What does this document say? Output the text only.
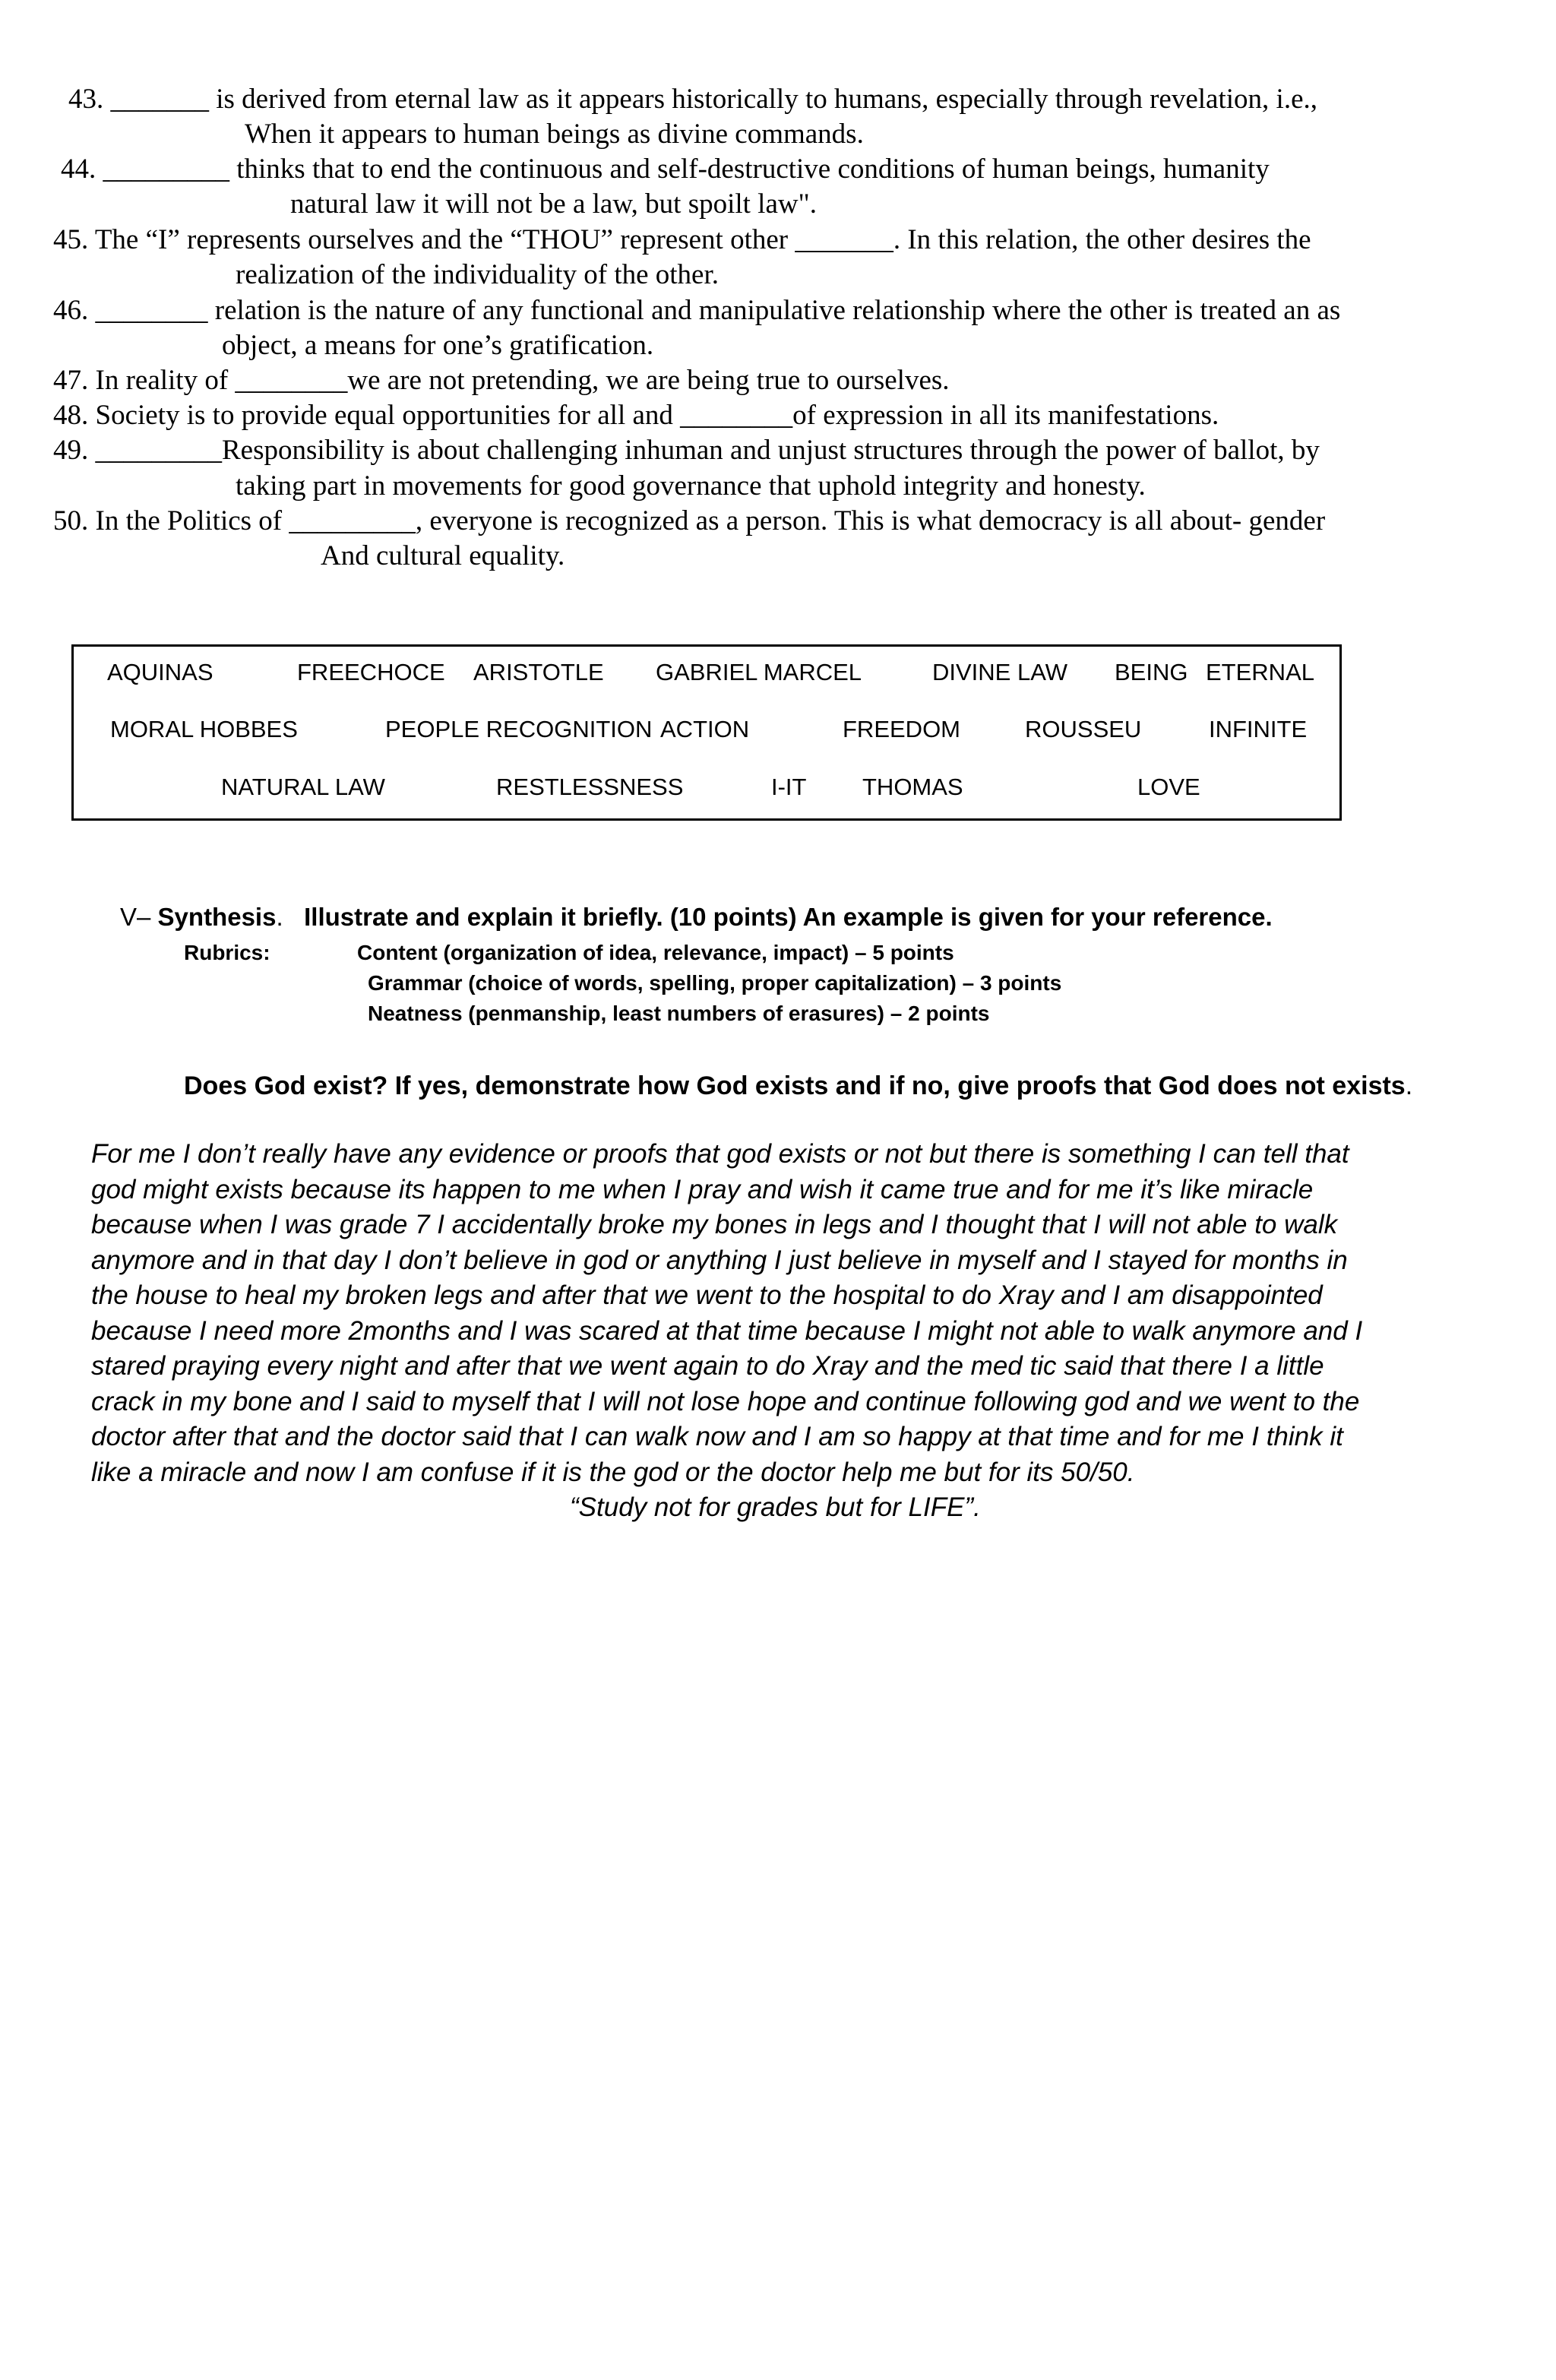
43. _______ is derived from eternal law as it appears historically to humans, especially through revelation, i.e.,
When it appears to human beings as divine commands.
44. _________ thinks that to end the continuous and self-destructive conditions of human beings, humanity
natural law it will not be a law, but spoilt law".
45. The “I” represents ourselves and the “THOU” represent other _______. In this relation, the other desires the
realization of the individuality of the other.
46. ________ relation is the nature of any functional and manipulative relationship where the other is treated an as
object, a means for one’s gratification.
47. In reality of ________we are not pretending, we are being true to ourselves.
48. Society is to provide equal opportunities for all and ________of expression in all its manifestations.
49. _________Responsibility is about challenging inhuman and unjust structures through the power of ballot, by
taking part in movements for good governance that uphold integrity and honesty.
50. In the Politics of _________, everyone is recognized as a person. This is what democracy is all about- gender
And cultural equality.
AQUINAS	FREECHOCE ARISTOTLE GABRIEL MARCEL	DIVINE LAW BEING ETERNAL
MORAL HOBBES	PEOPLE RECOGNITION ACTION	FREEDOM	ROUSSEU	INFINITE
NATURAL LAW	RESTLESSNESS	I-IT THOMAS	LOVE
V– Synthesis.   Illustrate and explain it briefly. (10 points) An example is given for your reference.
Rubrics:	Content (organization of idea, relevance, impact) – 5 points
Grammar (choice of words, spelling, proper capitalization) – 3 points
Neatness (penmanship, least numbers of erasures) – 2 points
Does God exist? If yes, demonstrate how God exists and if no, give proofs that God does not exists.
For me I don’t really have any evidence or proofs that god exists or not but there is something I can tell that
god might exists because its happen to me when I pray and wish it came true and for me it’s like miracle
because when I was grade 7 I accidentally broke my bones in legs and I thought that I will not able to walk
anymore and in that day I don’t believe in god or anything I just believe in myself and I stayed for months in
the house to heal my broken legs and after that we went to the hospital to do Xray and I am disappointed
because I need more 2months and I was scared at that time because I might not able to walk anymore and I
stared praying every night and after that we went again to do Xray and the med tic said that there I a little
crack in my bone and I said to myself that I will not lose hope and continue following god and we went to the
doctor after that and the doctor said that I can walk now and I am so happy at that time and for me I think it
like a miracle and now I am confuse if it is the god or the doctor help me but for its 50/50.
“Study not for grades but for LIFE”.
